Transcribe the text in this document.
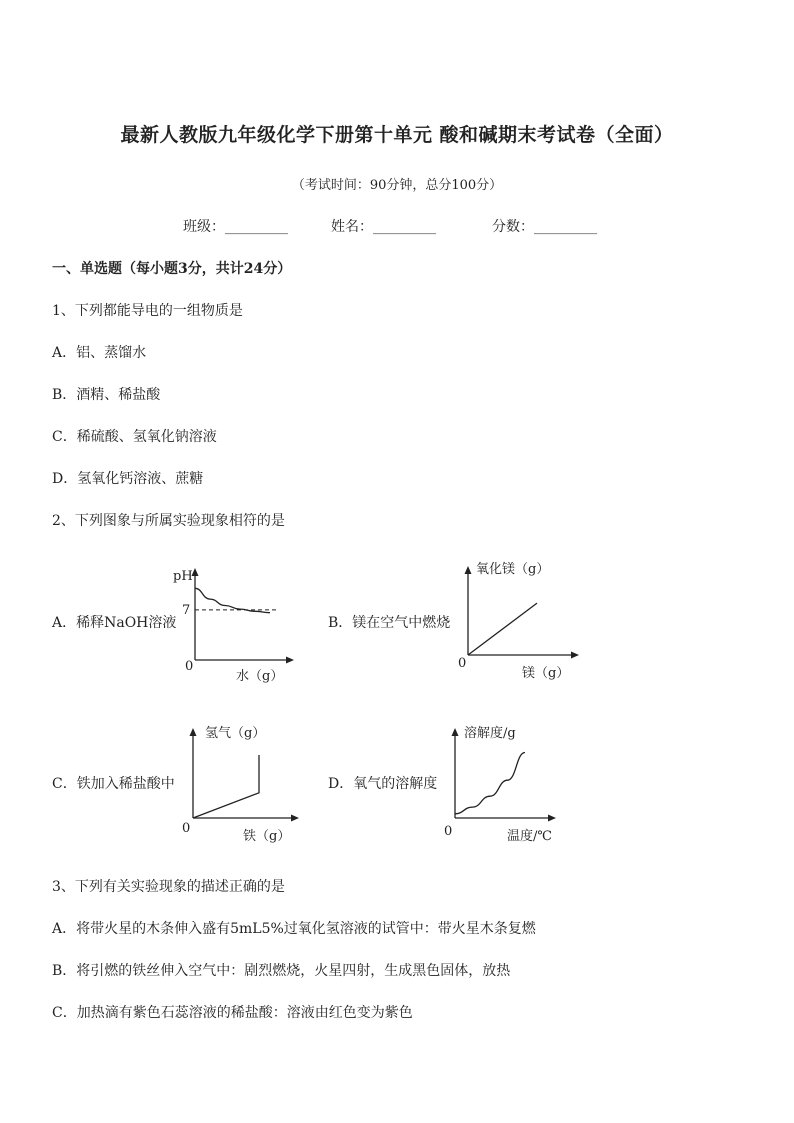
最新人教版九年级化学下册第十单元 酸和碱期末考试卷（全面）
（考试时间：90分钟，总分100分）
班级：_________	姓名：_________	分数：_________
一、单选题（每小题3分，共计24分）
1、下列都能导电的一组物质是
A．铝、蒸馏水
B．酒精、稀盐酸
C．稀硫酸、氢氧化钠溶液
D．氢氧化钙溶液、蔗糖
2、下列图象与所属实验现象相符的是
A．稀释NaOH溶液	B．镁在空气中燃烧
C．铁加入稀盐酸中	D．氧气的溶解度
pH
7
0
水（g）
氧化镁（g）
0
镁（g）
氢气（g）
0
铁（g）
溶解度/g
0	温度/℃
3、下列有关实验现象的描述正确的是
A．将带火星的木条伸入盛有5mL5%过氧化氢溶液的试管中：带火星木条复燃
B．将引燃的铁丝伸入空气中：剧烈燃烧，火星四射，生成黑色固体，放热
C．加热滴有紫色石蕊溶液的稀盐酸：溶液由红色变为紫色
